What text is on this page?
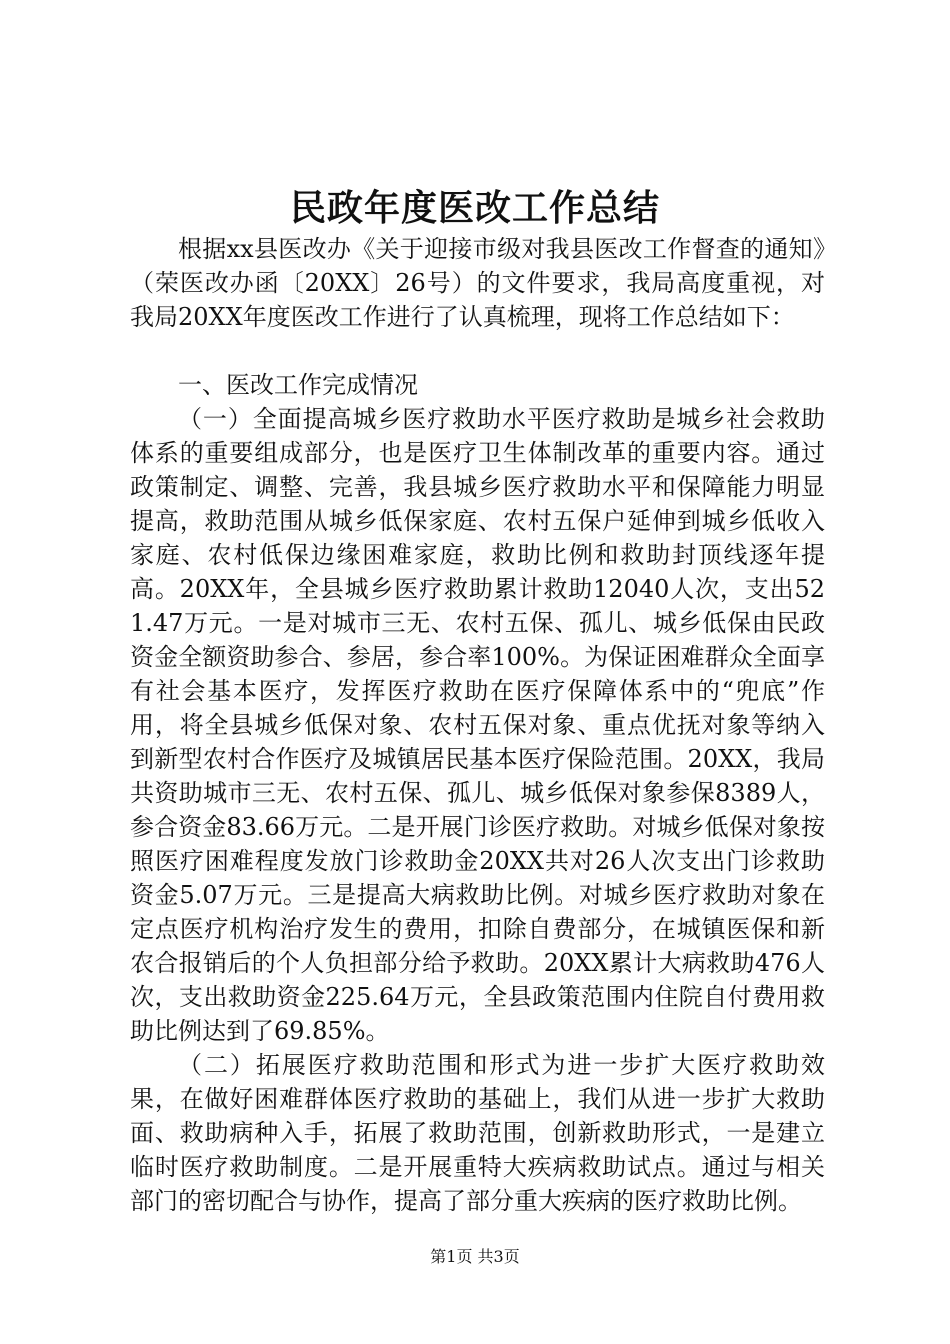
民政年度医改工作总结

根据xx县医改办《关于迎接市级对我县医改工作督查的通知》（荣医改办函〔20XX〕26号）的文件要求，我局高度重视，对我局20XX年度医改工作进行了认真梳理，现将工作总结如下：

一、医改工作完成情况

（一）全面提高城乡医疗救助水平医疗救助是城乡社会救助体系的重要组成部分，也是医疗卫生体制改革的重要内容。通过政策制定、调整、完善，我县城乡医疗救助水平和保障能力明显提高，救助范围从城乡低保家庭、农村五保户延伸到城乡低收入家庭、农村低保边缘困难家庭，救助比例和救助封顶线逐年提高。20XX年，全县城乡医疗救助累计救助12040人次，支出521.47万元。一是对城市三无、农村五保、孤儿、城乡低保由民政资金全额资助参合、参居，参合率100%。为保证困难群众全面享有社会基本医疗，发挥医疗救助在医疗保障体系中的“兜底”作用，将全县城乡低保对象、农村五保对象、重点优抚对象等纳入到新型农村合作医疗及城镇居民基本医疗保险范围。20XX，我局共资助城市三无、农村五保、孤儿、城乡低保对象参保8389人，参合资金83.66万元。二是开展门诊医疗救助。对城乡低保对象按照医疗困难程度发放门诊救助金20XX共对26人次支出门诊救助资金5.07万元。三是提高大病救助比例。对城乡医疗救助对象在定点医疗机构治疗发生的费用，扣除自费部分，在城镇医保和新农合报销后的个人负担部分给予救助。20XX累计大病救助476人次，支出救助资金225.64万元，全县政策范围内住院自付费用救助比例达到了69.85%。

（二）拓展医疗救助范围和形式为进一步扩大医疗救助效果，在做好困难群体医疗救助的基础上，我们从进一步扩大救助面、救助病种入手，拓展了救助范围，创新救助形式，一是建立临时医疗救助制度。二是开展重特大疾病救助试点。通过与相关部门的密切配合与协作，提高了部分重大疾病的医疗救助比例。

第1页 共3页
